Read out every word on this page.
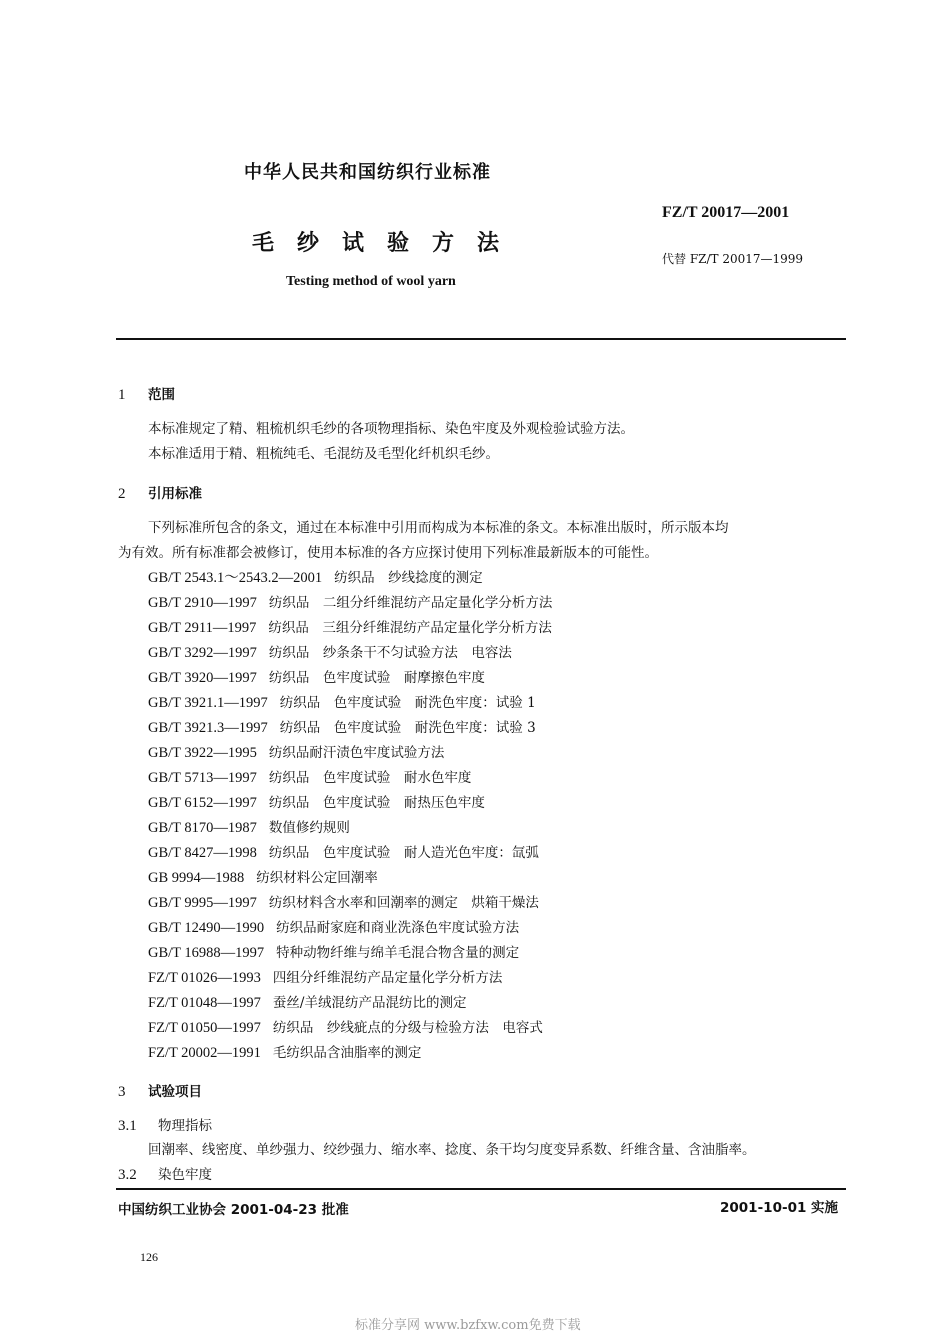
中华人民共和国纺织行业标准
FZ/T 20017—2001
毛纱试验方法
代替 FZ/T 20017—1999
Testing method of wool yarn
1 范围
本标准规定了精、粗梳机织毛纱的各项物理指标、染色牢度及外观检验试验方法。
本标准适用于精、粗梳纯毛、毛混纺及毛型化纤机织毛纱。
2 引用标准
下列标准所包含的条文，通过在本标准中引用而构成为本标准的条文。本标准出版时，所示版本均
为有效。所有标准都会被修订，使用本标准的各方应探讨使用下列标准最新版本的可能性。
GB/T 2543.1～2543.2—2001 纺织品　纱线捻度的测定
GB/T 2910—1997 纺织品　二组分纤维混纺产品定量化学分析方法
GB/T 2911—1997 纺织品　三组分纤维混纺产品定量化学分析方法
GB/T 3292—1997 纺织品　纱条条干不匀试验方法　电容法
GB/T 3920—1997 纺织品　色牢度试验　耐摩擦色牢度
GB/T 3921.1—1997 纺织品　色牢度试验　耐洗色牢度：试验 1
GB/T 3921.3—1997 纺织品　色牢度试验　耐洗色牢度：试验 3
GB/T 3922—1995 纺织品耐汗渍色牢度试验方法
GB/T 5713—1997 纺织品　色牢度试验　耐水色牢度
GB/T 6152—1997 纺织品　色牢度试验　耐热压色牢度
GB/T 8170—1987 数值修约规则
GB/T 8427—1998 纺织品　色牢度试验　耐人造光色牢度：氙弧
GB 9994—1988 纺织材料公定回潮率
GB/T 9995—1997 纺织材料含水率和回潮率的测定　烘箱干燥法
GB/T 12490—1990 纺织品耐家庭和商业洗涤色牢度试验方法
GB/T 16988—1997 特种动物纤维与绵羊毛混合物含量的测定
FZ/T 01026—1993 四组分纤维混纺产品定量化学分析方法
FZ/T 01048—1997 蚕丝/羊绒混纺产品混纺比的测定
FZ/T 01050—1997 纺织品　纱线疵点的分级与检验方法　电容式
FZ/T 20002—1991 毛纺织品含油脂率的测定
3 试验项目
3.1 物理指标
回潮率、线密度、单纱强力、绞纱强力、缩水率、捻度、条干均匀度变异系数、纤维含量、含油脂率。
3.2 染色牢度
中国纺织工业协会 2001-04-23 批准	2001-10-01 实施
126
标准分享网 www.bzfxw.com免费下载
